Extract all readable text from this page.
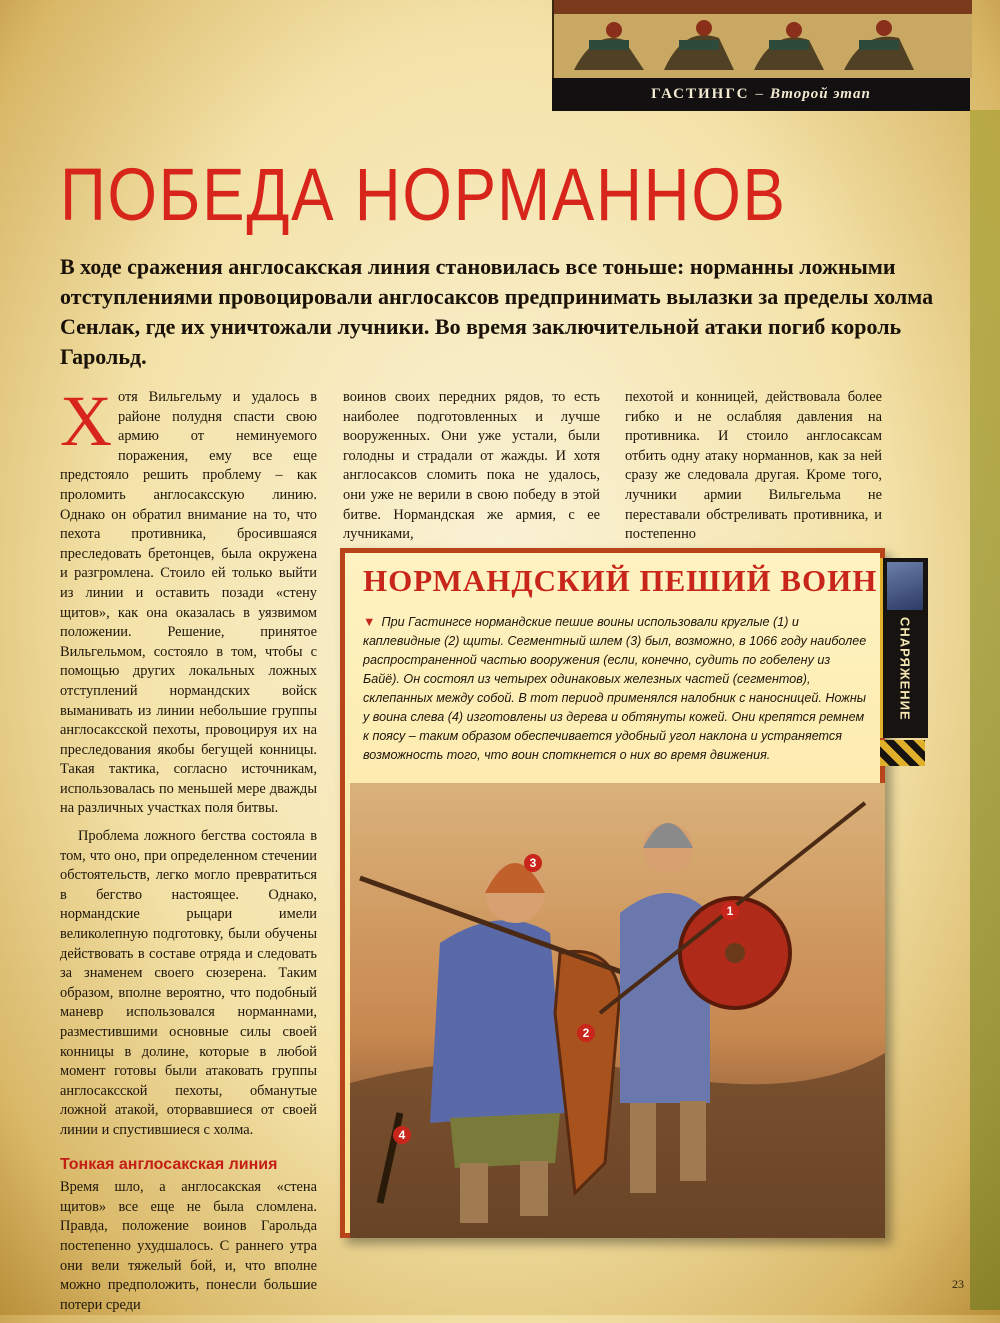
ГАСТИНГС – Второй этап
ПОБЕДА НОРМАННОВ
В ходе сражения англосакская линия становилась все тоньше: норманны ложными отступлениями провоцировали англосаксов предпринимать вылазки за пределы холма Сенлак, где их уничтожали лучники. Во время заключительной атаки погиб король Гарольд.

Хотя Вильгельму и удалось в районе полудня спасти свою армию от неминуемого поражения, ему все еще предстояло решить проблему – как проломить англосаксскую линию. Однако он обратил внимание на то, что пехота противника, бросившаяся преследовать бретонцев, была окружена и разгромлена. Стоило ей только выйти из линии и оставить позади «стену щитов», как она оказалась в уязвимом положении. Решение, принятое Вильгельмом, состояло в том, чтобы с помощью других локальных ложных отступлений нормандских войск выманивать из линии небольшие группы англосаксской пехоты, провоцируя их на преследования якобы бегущей конницы. Такая тактика, согласно источникам, использовалась по меньшей мере дважды на различных участках поля битвы.

Проблема ложного бегства состояла в том, что оно, при определенном стечении обстоятельств, легко могло превратиться в бегство настоящее. Однако, нормандские рыцари имели великолепную подготовку, были обучены действовать в составе отряда и следовать за знаменем своего сюзерена. Таким образом, вполне вероятно, что подобный маневр использовался норманнами, разместившими основные силы своей конницы в долине, которые в любой момент готовы были атаковать группы англосаксской пехоты, обманутые ложной атакой, оторвавшиеся от своей линии и спустившиеся с холма.

Тонкая англосакская линия

Время шло, а англосакская «стена щитов» все еще не была сломлена. Правда, положение воинов Гарольда постепенно ухудшалось. С раннего утра они вели тяжелый бой, и, что вполне можно предположить, понесли большие потери среди

воинов своих передних рядов, то есть наиболее подготовленных и лучше вооруженных. Они уже устали, были голодны и страдали от жажды. И хотя англосаксов сломить пока не удалось, они уже не верили в свою победу в этой битве. Нормандская же армия, с ее лучниками,

пехотой и конницей, действовала более гибко и не ослабляя давления на противника. И стоило англосаксам отбить одну атаку норманнов, как за ней сразу же следовала другая. Кроме того, лучники армии Вильгельма не переставали обстреливать противника, и постепенно

НОРМАНДСКИЙ ПЕШИЙ ВОИН
▼ При Гастингсе нормандские пешие воины использовали круглые (1) и каплевидные (2) щиты. Сегментный шлем (3) был, возможно, в 1066 году наиболее распространенной частью вооружения (если, конечно, судить по гобелену из Байё). Он состоял из четырех одинаковых железных частей (сегментов), склепанных между собой. В тот период применялся налобник с наносницей. Ножны у воина слева (4) изготовлены из дерева и обтянуты кожей. Они крепятся ремнем к поясу – таким образом обеспечивается удобный угол наклона и устраняется возможность того, что воин споткнется о них во время движения.
1
2
3
4
СНАРЯЖЕНИЕ
23
